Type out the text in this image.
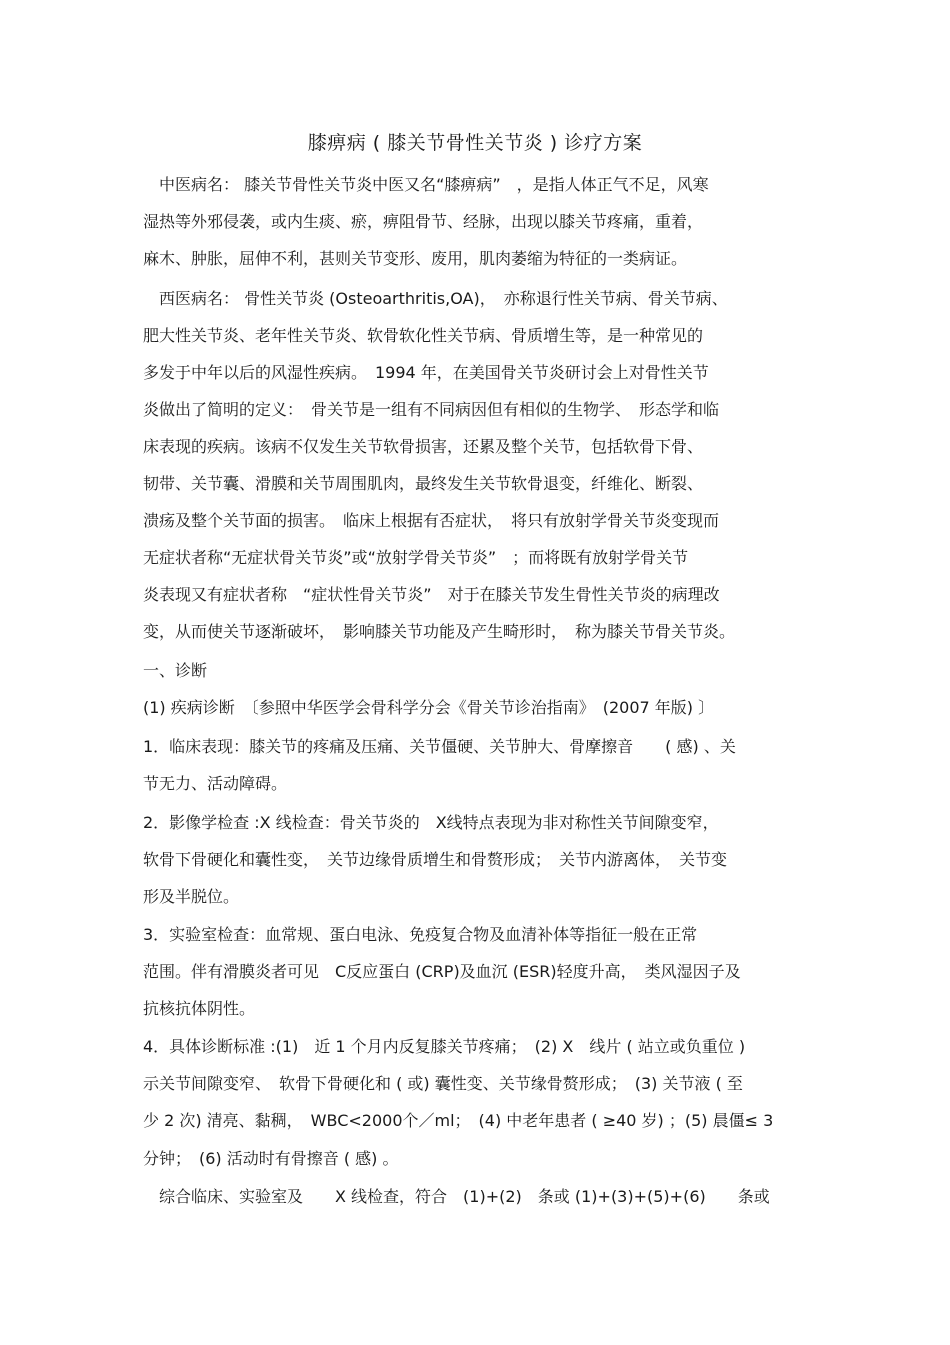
膝痹病 ( 膝关节骨性关节炎 ) 诊疗方案
　中医病名： 膝关节骨性关节炎中医又名“膝痹病”　，是指人体正气不足，风寒
湿热等外邪侵袭，或内生痰、瘀，痹阻骨节、经脉，出现以膝关节疼痛，重着，
麻木、肿胀，屈伸不利，甚则关节变形、废用，肌肉萎缩为特征的一类病证。
　西医病名： 骨性关节炎 (Osteoarthritis,OA)，　亦称退行性关节病、骨关节病、
肥大性关节炎、老年性关节炎、软骨软化性关节病、骨质增生等，是一种常见的
多发于中年以后的风湿性疾病。　1994 年，在美国骨关节炎研讨会上对骨性关节
炎做出了简明的定义：　骨关节是一组有不同病因但有相似的生物学、　形态学和临
床表现的疾病。该病不仅发生关节软骨损害，还累及整个关节，包括软骨下骨、
韧带、关节囊、滑膜和关节周围肌肉，最终发生关节软骨退变，纤维化、断裂、
溃疡及整个关节面的损害。　临床上根据有否症状，　将只有放射学骨关节炎变现而
无症状者称“无症状骨关节炎”或“放射学骨关节炎”　；而将既有放射学骨关节
炎表现又有症状者称　“症状性骨关节炎”　对于在膝关节发生骨性关节炎的病理改
变，从而使关节逐渐破坏，　影响膝关节功能及产生畸形时，　称为膝关节骨关节炎。
一、诊断
(1) 疾病诊断　〔参照中华医学会骨科学分会《骨关节诊治指南》　(2007 年版) 〕
1．临床表现：膝关节的疼痛及压痛、关节僵硬、关节肿大、骨摩擦音　　( 感) 、关
节无力、活动障碍。
2．影像学检查 :X 线检查：骨关节炎的　X线特点表现为非对称性关节间隙变窄，
软骨下骨硬化和囊性变，　关节边缘骨质增生和骨赘形成；　关节内游离体，　关节变
形及半脱位。
3．实验室检查：血常规、蛋白电泳、免疫复合物及血清补体等指征一般在正常
范围。伴有滑膜炎者可见　C反应蛋白 (CRP)及血沉 (ESR)轻度升高，　类风湿因子及
抗核抗体阴性。
4．具体诊断标准 :(1)　近 1 个月内反复膝关节疼痛；　(2) X　线片 ( 站立或负重位 )
示关节间隙变窄、　软骨下骨硬化和 ( 或) 囊性变、关节缘骨赘形成；　(3) 关节液 ( 至
少 2 次) 清亮、黏稠，　WBC<2000个／ml；　(4) 中老年患者 ( ≥40 岁) ；(5) 晨僵≤ 3
分钟；　(6) 活动时有骨擦音 ( 感) 。
　综合临床、实验室及　　X 线检查，符合　(1)+(2)　条或 (1)+(3)+(5)+(6)　　条或
